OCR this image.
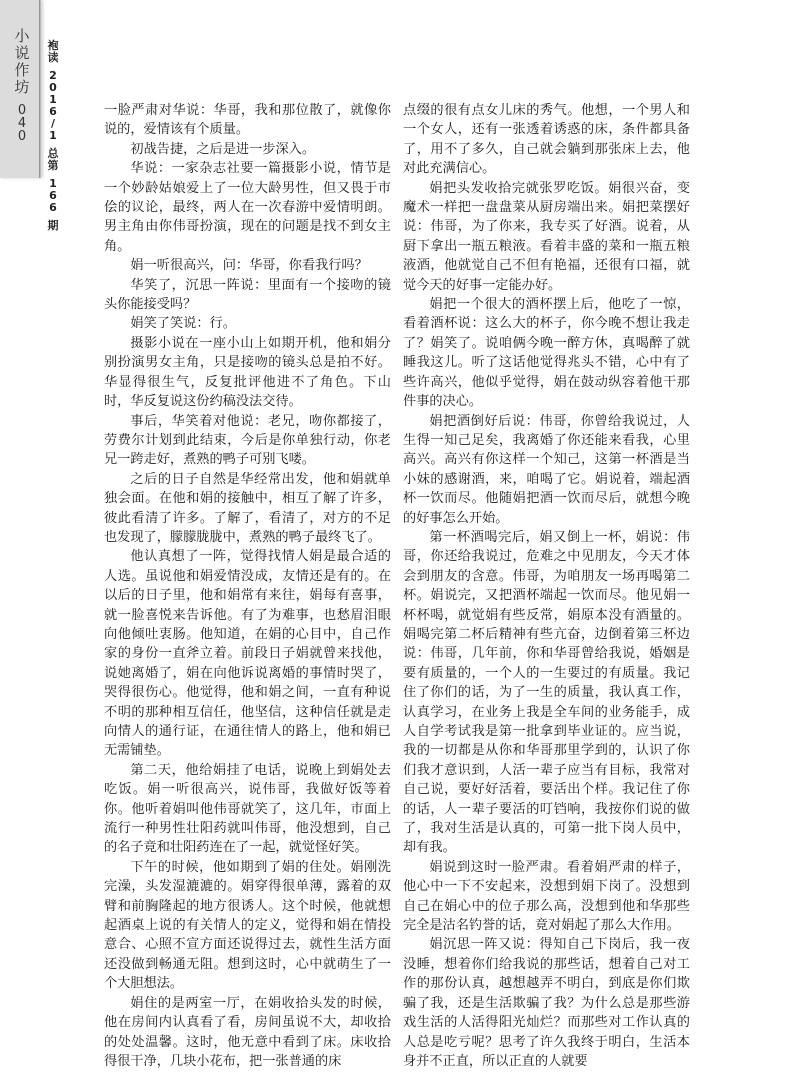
小
说
作
坊
0
4
0
袍
读
2
0
1
6
/
1
总
第
1
6
6
期

一脸严肃对华说：华哥，我和那位散了，就像你说的，爱情该有个质量。

初战告捷，之后是进一步深入。

华说：一家杂志社要一篇摄影小说，情节是一个妙龄姑娘爱上了一位大龄男性，但又畏于市侩的议论，最终，两人在一次春游中爱情明朗。男主角由你伟哥扮演，现在的问题是找不到女主角。

娟一听很高兴，问：华哥，你看我行吗？

华笑了，沉思一阵说：里面有一个接吻的镜头你能接受吗？

娟笑了笑说：行。

摄影小说在一座小山上如期开机，他和娟分别扮演男女主角，只是接吻的镜头总是拍不好。华显得很生气，反复批评他进不了角色。下山时，华反复说这份约稿没法交待。

事后，华笑着对他说：老兄，吻你都接了，劳费尔计划到此结束，今后是你单独行动，你老兄一跨走好，煮熟的鸭子可别飞喽。

之后的日子自然是华经常出发，他和娟就单独会面。在他和娟的接触中，相互了解了许多，彼此看清了许多。了解了，看清了，对方的不足也发现了，朦朦胧胧中，煮熟的鸭子最终飞了。

他认真想了一阵，觉得找情人娟是最合适的人选。虽说他和娟爱情没成，友情还是有的。在以后的日子里，他和娟常有来往，娟每有喜事，就一脸喜悦来告诉他。有了为难事，也愁眉泪眼向他倾吐衷肠。他知道，在娟的心目中，自己作家的身份一直斧立着。前段日子娟就曾来找他，说她离婚了，娟在向他诉说离婚的事情时哭了，哭得很伤心。他觉得，他和娟之间，一直有种说不明的那种相互信任，他坚信，这种信任就是走向情人的通行证，在通往情人的路上，他和娟已无需铺垫。

第二天，他给娟挂了电话，说晚上到娟处去吃饭。娟一听很高兴，说伟哥，我做好饭等着你。他听着娟叫他伟哥就笑了，这几年，市面上流行一种男性壮阳药就叫伟哥，他没想到，自己的名子竟和壮阳药连在了一起，就觉怪好笑。

下午的时候，他如期到了娟的住处。娟刚洗完澡，头发湿漉漉的。娟穿得很单薄，露着的双臂和前胸隆起的地方很诱人。这个时候，他就想起酒桌上说的有关情人的定义，觉得和娟在情投意合、心照不宣方面还说得过去，就性生活方面还没做到畅通无阻。想到这时，心中就萌生了一个大胆想法。

娟住的是两室一厅，在娟收拾头发的时候，他在房间内认真看了看，房间虽说不大，却收拾的处处温馨。这时，他无意中看到了床。床收拾得很干净，几块小花布，把一张普通的床

点缀的很有点女儿床的秀气。他想，一个男人和一个女人，还有一张透着诱惑的床，条件都具备了，用不了多久，自己就会躺到那张床上去，他对此充满信心。

娟把头发收拾完就张罗吃饭。娟很兴奋，变魔术一样把一盘盘菜从厨房端出来。娟把菜摆好说：伟哥，为了你来，我专买了好酒。说着，从厨下拿出一瓶五粮液。看着丰盛的菜和一瓶五粮液酒，他就觉自己不但有艳福，还很有口福，就觉今天的好事一定能办好。

娟把一个很大的酒杯摆上后，他吃了一惊，看着酒杯说：这么大的杯子，你今晚不想让我走了？娟笑了。说咱俩今晚一醉方休，真喝醉了就睡我这儿。听了这话他觉得兆头不错，心中有了些许高兴，他似乎觉得，娟在鼓动纵容着他干那件事的决心。

娟把酒倒好后说：伟哥，你曾给我说过，人生得一知己足矣，我离婚了你还能来看我，心里高兴。高兴有你这样一个知己，这第一杯酒是当小妹的感谢酒，来，咱喝了它。娟说着，端起酒杯一饮而尽。他随娟把酒一饮而尽后，就想今晚的好事怎么开始。

第一杯酒喝完后，娟又倒上一杯，娟说：伟哥，你还给我说过，危难之中见朋友，今天才体会到朋友的含意。伟哥，为咱朋友一场再喝第二杯。娟说完，又把酒杯端起一饮而尽。他见娟一杯杯喝，就觉娟有些反常，娟原本没有酒量的。娟喝完第二杯后精神有些亢奋，边倒着第三杯边说：伟哥，几年前，你和华哥曾给我说，婚姻是要有质量的，一个人的一生要过的有质量。我记住了你们的话，为了一生的质量，我认真工作，认真学习，在业务上我是全车间的业务能手，成人自学考试我是第一批拿到毕业证的。应当说，我的一切都是从你和华哥那里学到的，认识了你们我才意识到，人活一辈子应当有目标，我常对自己说，要好好活着，要活出个样。我记住了你的话，人一辈子要活的叮铛响，我按你们说的做了，我对生活是认真的，可第一批下岗人员中，却有我。

娟说到这时一脸严肃。看着娟严肃的样子，他心中一下不安起来，没想到娟下岗了。没想到自己在娟心中的位子那么高，没想到他和华那些完全是沽名钓誉的话，竟对娟起了那么大作用。

娟沉思一阵又说：得知自己下岗后，我一夜没睡，想着你们给我说的那些话，想着自己对工作的那份认真，越想越弄不明白，到底是你们欺骗了我，还是生活欺骗了我？为什么总是那些游戏生活的人活得阳光灿烂？而那些对工作认真的人总是吃亏呢？思考了许久我终于明白，生活本身并不正直，所以正直的人就要
